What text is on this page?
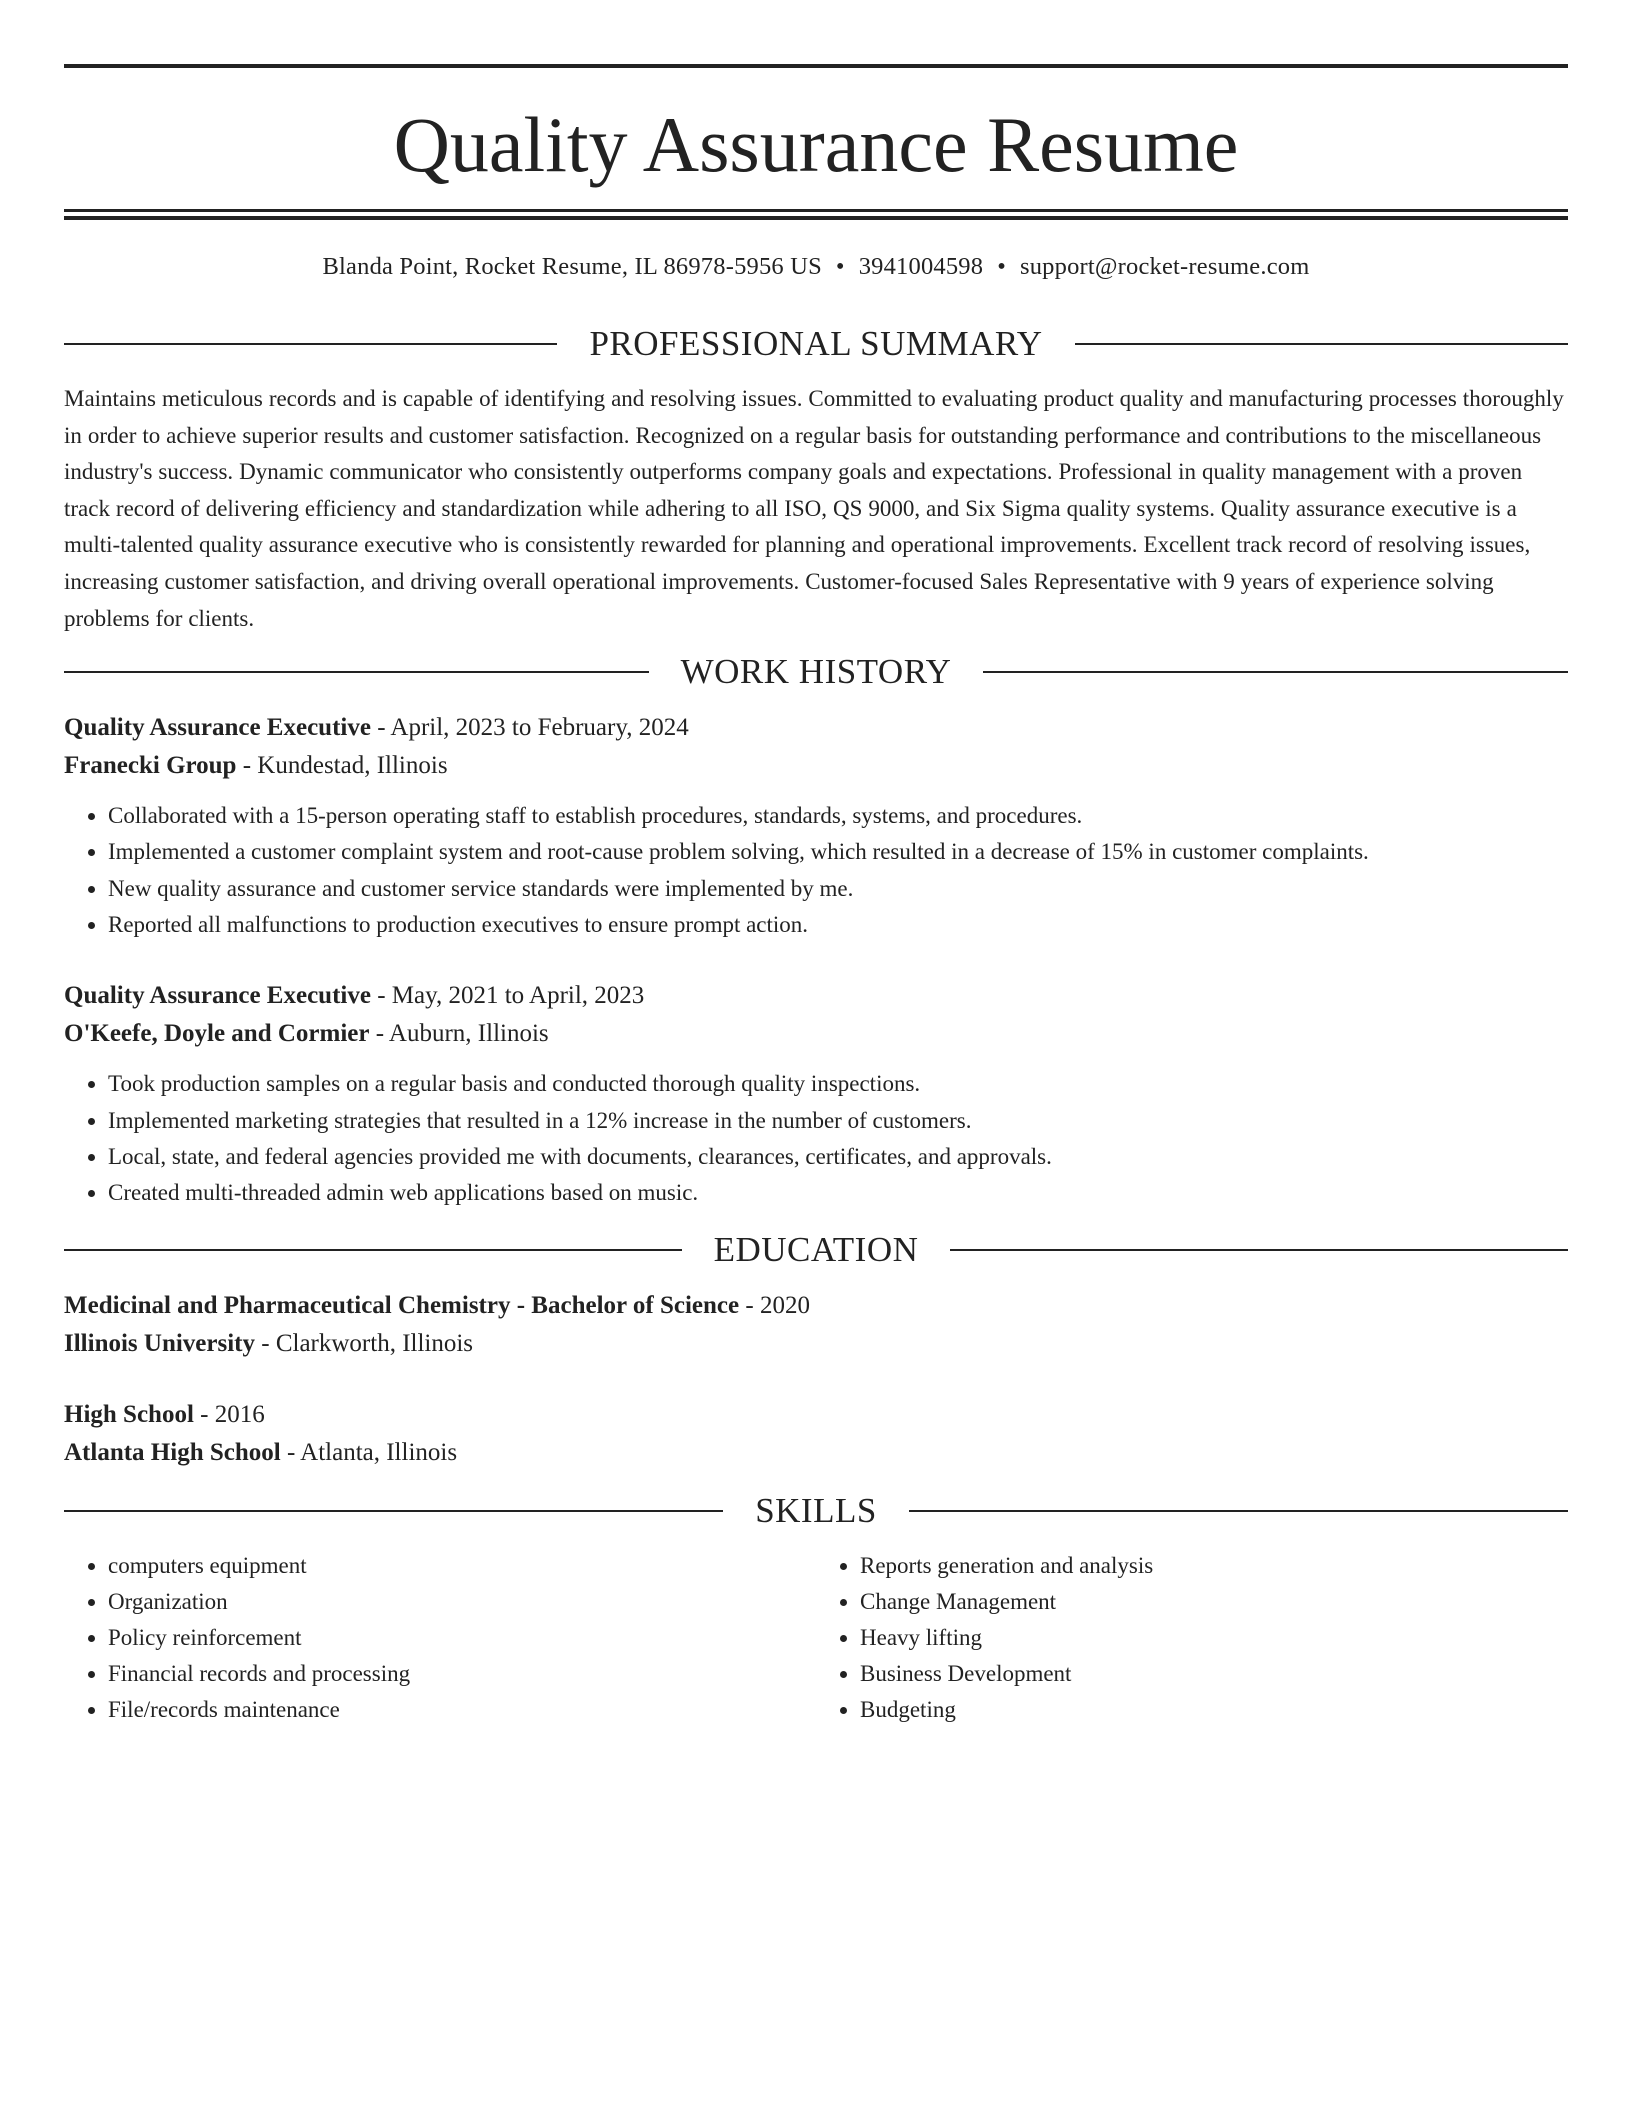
Quality Assurance Resume
Blanda Point, Rocket Resume, IL 86978-5956 US • 3941004598 • support@rocket-resume.com
PROFESSIONAL SUMMARY

Maintains meticulous records and is capable of identifying and resolving issues. Committed to evaluating product quality and manufacturing processes thoroughly in order to achieve superior results and customer satisfaction. Recognized on a regular basis for outstanding performance and contributions to the miscellaneous industry's success. Dynamic communicator who consistently outperforms company goals and expectations. Professional in quality management with a proven track record of delivering efficiency and standardization while adhering to all ISO, QS 9000, and Six Sigma quality systems. Quality assurance executive is a multi-talented quality assurance executive who is consistently rewarded for planning and operational improvements. Excellent track record of resolving issues, increasing customer satisfaction, and driving overall operational improvements. Customer-focused Sales Representative with 9 years of experience solving problems for clients.

WORK HISTORY
Quality Assurance Executive - April, 2023 to February, 2024
Franecki Group - Kundestad, Illinois
• Collaborated with a 15-person operating staff to establish procedures, standards, systems, and procedures.
• Implemented a customer complaint system and root-cause problem solving, which resulted in a decrease of 15% in customer complaints.
• New quality assurance and customer service standards were implemented by me.
• Reported all malfunctions to production executives to ensure prompt action.
Quality Assurance Executive - May, 2021 to April, 2023
O'Keefe, Doyle and Cormier - Auburn, Illinois
• Took production samples on a regular basis and conducted thorough quality inspections.
• Implemented marketing strategies that resulted in a 12% increase in the number of customers.
• Local, state, and federal agencies provided me with documents, clearances, certificates, and approvals.
• Created multi-threaded admin web applications based on music.
EDUCATION
Medicinal and Pharmaceutical Chemistry - Bachelor of Science - 2020
Illinois University - Clarkworth, Illinois
High School - 2016
Atlanta High School - Atlanta, Illinois
SKILLS
• computers equipment
• Organization
• Policy reinforcement
• Financial records and processing
• File/records maintenance
• Reports generation and analysis
• Change Management
• Heavy lifting
• Business Development
• Budgeting
